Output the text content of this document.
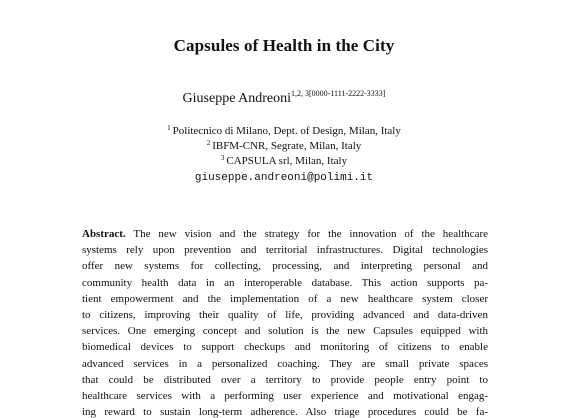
Capsules of Health in the City
Giuseppe Andreoni$^{1,2, 3[0000-1111-2222-3333]}$
$^1$ Politecnico di Milano, Dept. of Design, Milan, Italy
$^2$ IBFM-CNR, Segrate, Milan, Italy
$^3$ CAPSULA srl, Milan, Italy
giuseppe.andreoni@polimi.it
Abstract. The new vision and the strategy for the innovation of the healthcare
systems rely upon prevention and territorial infrastructures. Digital technologies
offer new systems for collecting, processing, and interpreting personal and
community health data in an interoperable database. This action supports pa-
tient empowerment and the implementation of a new healthcare system closer
to citizens, improving their quality of life, providing advanced and data-driven
services. One emerging concept and solution is the new Capsules equipped with
biomedical devices to support checkups and monitoring of citizens to enable
advanced services in a personalized coaching. They are small private spaces
that could be distributed over a territory to provide people entry point to
healthcare services with a performing user experience and motivational engag-
ing reward to sustain long-term adherence. Also triage procedures could be fa-
